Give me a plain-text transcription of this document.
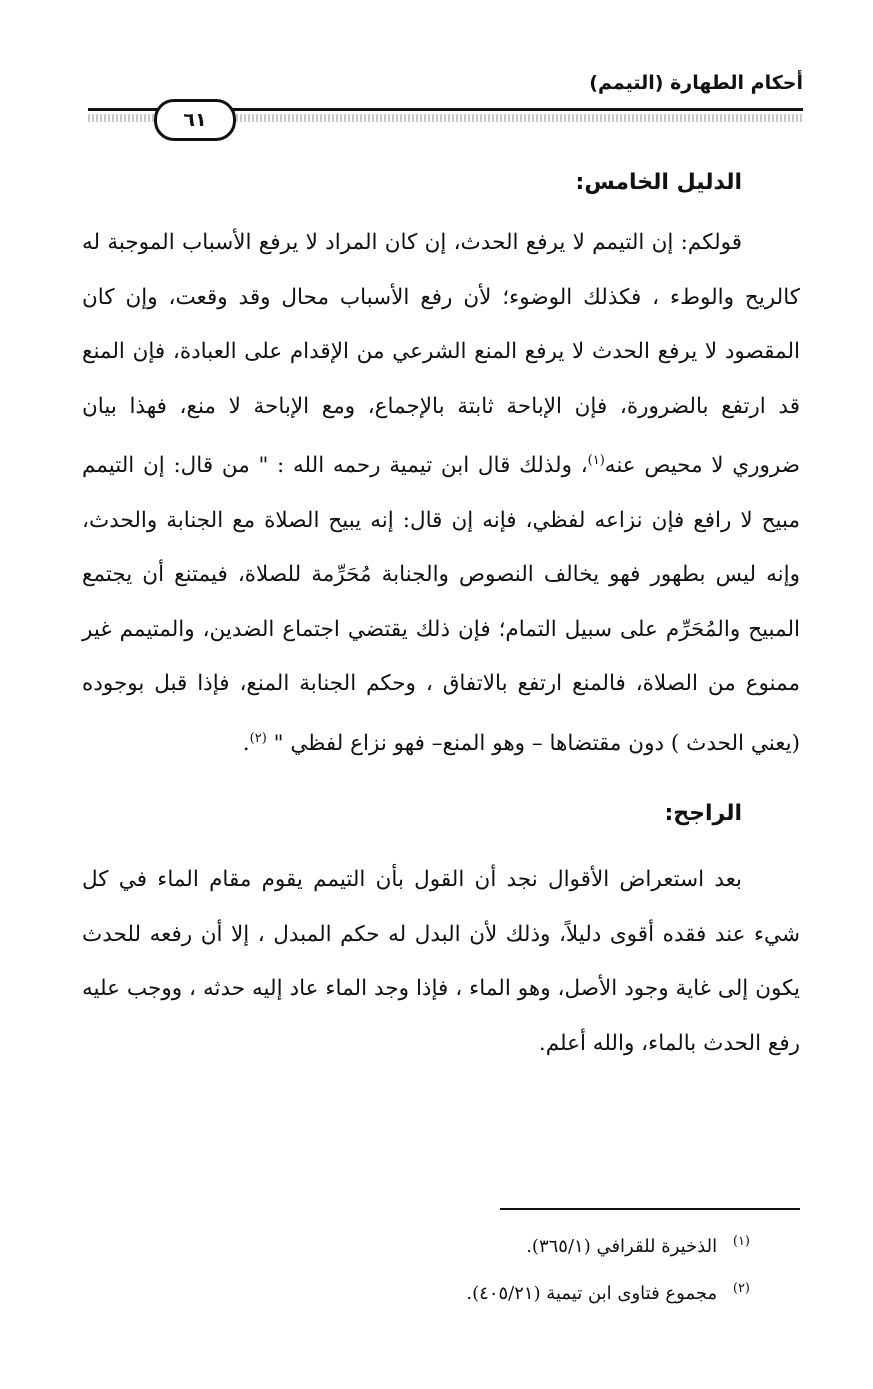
أحكام الطهارة (التيمم)
٦١
الدليل الخامس:

قولكم: إن التيمم لا يرفع الحدث، إن كان المراد لا يرفع الأسباب الموجبة له كالريح والوطء ، فكذلك الوضوء؛ لأن رفع الأسباب محال وقد وقعت، وإن كان المقصود لا يرفع الحدث لا يرفع المنع الشرعي من الإقدام على العبادة، فإن المنع قد ارتفع بالضرورة، فإن الإباحة ثابتة بالإجماع، ومع الإباحة لا منع، فهذا بيان ضروري لا محيص عنه$^{(١)}$، ولذلك قال ابن تيمية رحمه الله : " من قال: إن التيمم مبيح لا رافع فإن نزاعه لفظي، فإنه إن قال: إنه يبيح الصلاة مع الجنابة والحدث، وإنه ليس بطهور فهو يخالف النصوص والجنابة مُحَرِّمة للصلاة، فيمتنع أن يجتمع المبيح والمُحَرِّم على سبيل التمام؛ فإن ذلك يقتضي اجتماع الضدين، والمتيمم غير ممنوع من الصلاة، فالمنع ارتفع بالاتفاق ، وحكم الجنابة المنع، فإذا قبل بوجوده (يعني الحدث ) دون مقتضاها – وهو المنع– فهو نزاع لفظي " $^{(٢)}$.

الراجح:

بعد استعراض الأقوال نجد أن القول بأن التيمم يقوم مقام الماء في كل شيء عند فقده أقوى دليلاً، وذلك لأن البدل له حكم المبدل ، إلا أن رفعه للحدث يكون إلى غاية وجود الأصل، وهو الماء ، فإذا وجد الماء عاد إليه حدثه ، ووجب عليه رفع الحدث بالماء، والله أعلم.

$^{(١)}$ الذخيرة للقرافي (٣٦٥/١).
$^{(٢)}$ مجموع فتاوى ابن تيمية (٤٠٥/٢١).
